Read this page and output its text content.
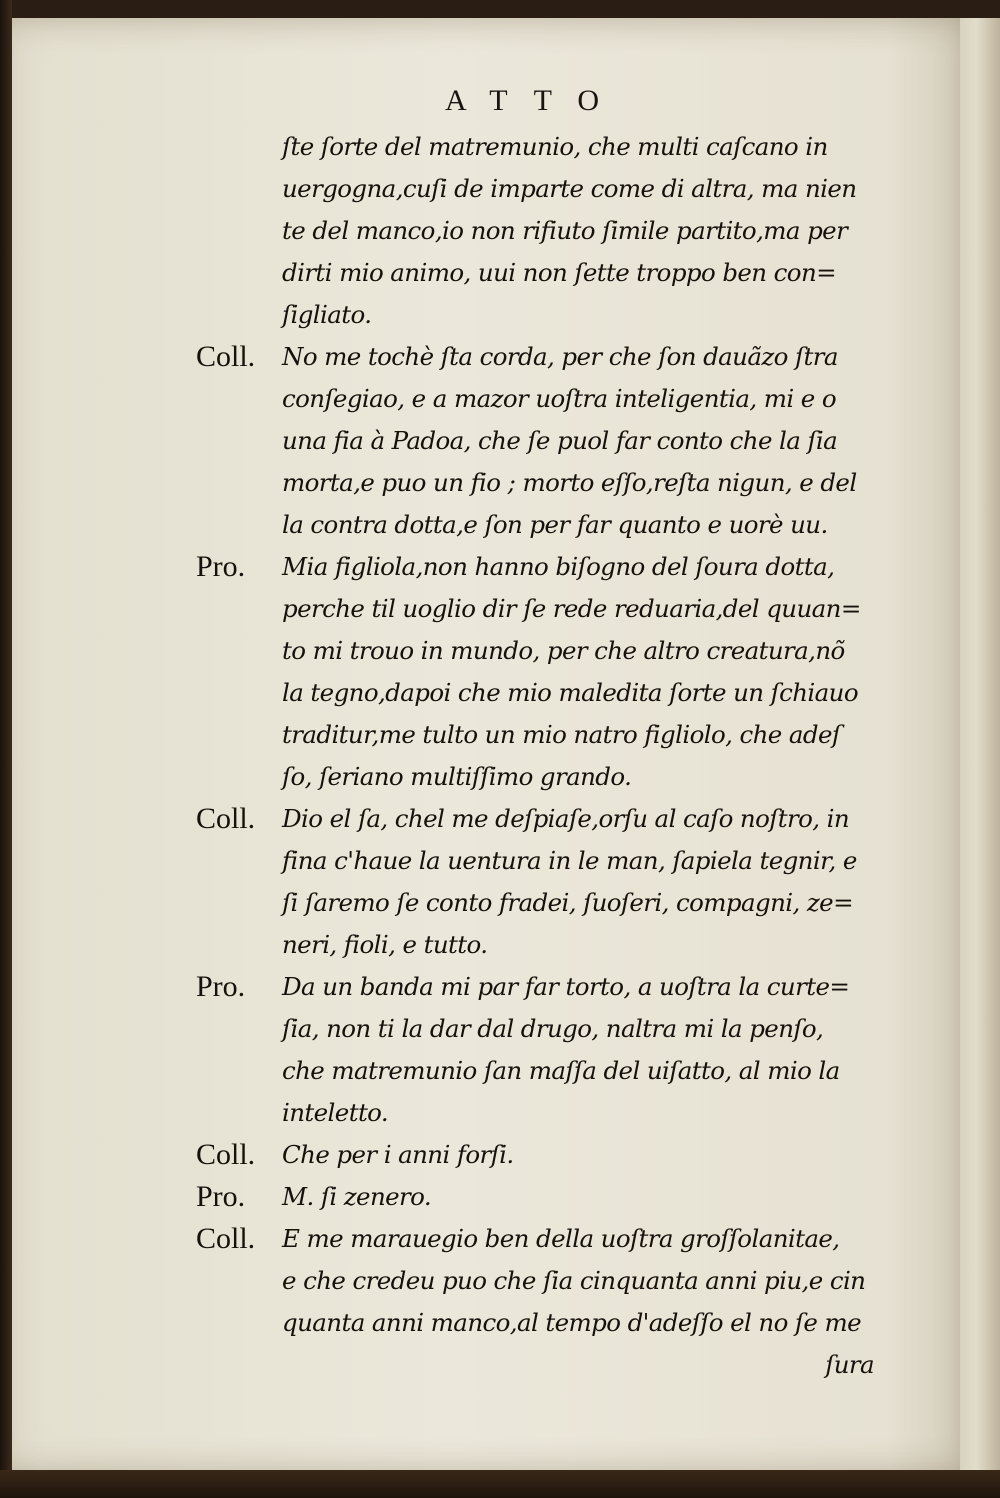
ATTO
ſte ſorte del matremunio, che multi caſcano in
uergogna,cuſi de imparte come di altra, ma nien
te del manco,io non rifiuto ſimile partito,ma per
dirti mio animo, uui non ſette troppo ben con=
ſigliato.
Coll.	No me tochè ſta corda, per che ſon dauãzo ſtra
conſegiao, e a mazor uoſtra inteligentia, mi e o
una fia à Padoa, che ſe puol far conto che la ſia
morta,e puo un fio ; morto eſſo,reſta nigun, e del
la contra dotta,e ſon per far quanto e uorè uu.
Pro.	Mia figliola,non hanno biſogno del ſoura dotta,
perche til uoglio dir ſe rede reduaria,del quuan=
to mi trouo in mundo, per che altro creatura,nõ
la tegno,dapoi che mio maledita ſorte un ſchiauo
traditur,me tulto un mio natro figliolo, che adeſ
ſo, ſeriano multiſſimo grando.
Coll.	Dio el ſa, chel me deſpiaſe,orſu al caſo noſtro, in
fina c'haue la uentura in le man, ſapiela tegnir, e
ſi ſaremo ſe conto fradei, ſuoſeri, compagni, ze=
neri, fioli, e tutto.
Pro.	Da un banda mi par far torto, a uoſtra la curte=
ſia, non ti la dar dal drugo, naltra mi la penſo,
che matremunio ſan maſſa del uiſatto, al mio la
inteletto.
Coll.	Che per i anni forſi.
Pro.	M. ſi zenero.
Coll.	E me marauegio ben della uoſtra groſſolanitae,
e che credeu puo che ſia cinquanta anni piu,e cin
quanta anni manco,al tempo d'adeſſo el no ſe me
ſura
